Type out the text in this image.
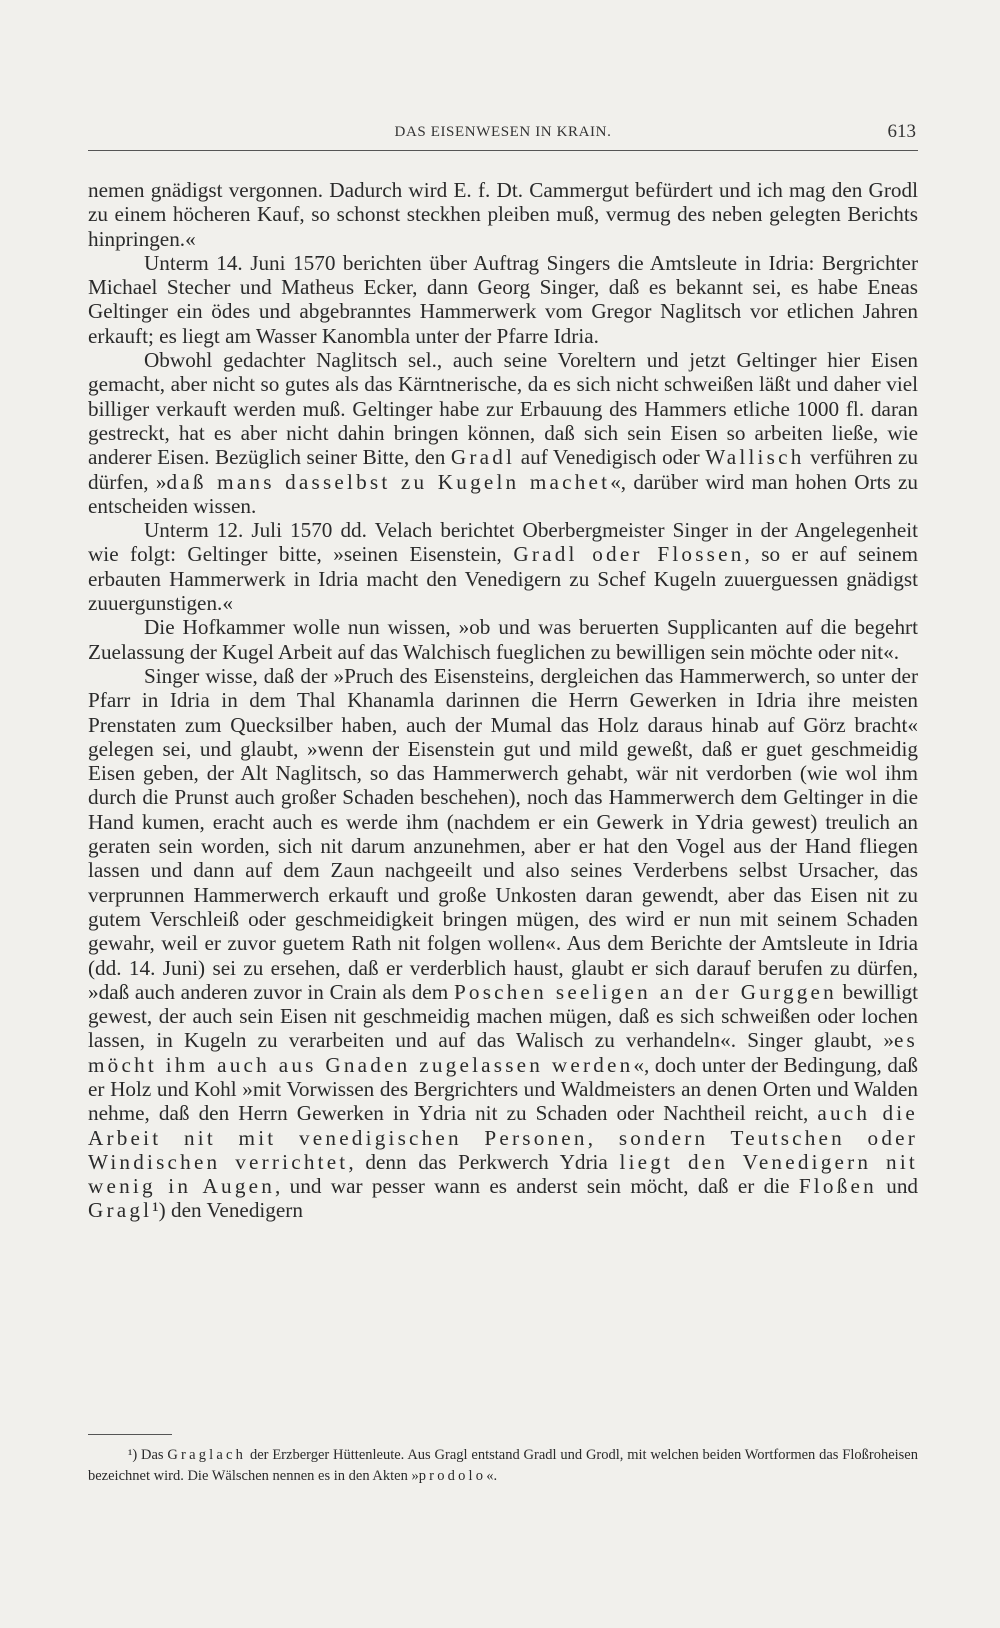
DAS EISENWESEN IN KRAIN.	613

nemen gnädigst vergonnen. Dadurch wird E. f. Dt. Cammergut befürdert und ich mag den Grodl zu einem höcheren Kauf, so schonst steckhen pleiben muß, vermug des neben gelegten Berichts hinpringen.«

Unterm 14. Juni 1570 berichten über Auftrag Singers die Amtsleute in Idria: Bergrichter Michael Stecher und Matheus Ecker, dann Georg Singer, daß es bekannt sei, es habe Eneas Geltinger ein ödes und abgebranntes Hammerwerk vom Gregor Naglitsch vor etlichen Jahren erkauft; es liegt am Wasser Kanombla unter der Pfarre Idria.

Obwohl gedachter Naglitsch sel., auch seine Voreltern und jetzt Geltinger hier Eisen gemacht, aber nicht so gutes als das Kärntnerische, da es sich nicht schweißen läßt und daher viel billiger verkauft werden muß. Geltinger habe zur Erbauung des Hammers etliche 1000 fl. daran gestreckt, hat es aber nicht dahin bringen können, daß sich sein Eisen so arbeiten ließe, wie anderer Eisen. Bezüglich seiner Bitte, den Gradl auf Venedigisch oder Wallisch verführen zu dürfen, »daß mans dasselbst zu Kugeln machet«, darüber wird man hohen Orts zu entscheiden wissen.

Unterm 12. Juli 1570 dd. Velach berichtet Oberbergmeister Singer in der Angelegenheit wie folgt: Geltinger bitte, »seinen Eisenstein, Gradl oder Flossen, so er auf seinem erbauten Hammerwerk in Idria macht den Venedigern zu Schef Kugeln zuuerguessen gnädigst zuuergunstigen.«

Die Hofkammer wolle nun wissen, »ob und was beruerten Supplicanten auf die begehrt Zuelassung der Kugel Arbeit auf das Walchisch fueglichen zu bewilligen sein möchte oder nit«.

Singer wisse, daß der »Pruch des Eisensteins, dergleichen das Hammerwerch, so unter der Pfarr in Idria in dem Thal Khanamla darinnen die Herrn Gewerken in Idria ihre meisten Prenstaten zum Quecksilber haben, auch der Mumal das Holz daraus hinab auf Görz bracht« gelegen sei, und glaubt, »wenn der Eisenstein gut und mild geweßt, daß er guet geschmeidig Eisen geben, der Alt Naglitsch, so das Hammerwerch gehabt, wär nit verdorben (wie wol ihm durch die Prunst auch großer Schaden beschehen), noch das Hammerwerch dem Geltinger in die Hand kumen, eracht auch es werde ihm (nachdem er ein Gewerk in Ydria gewest) treulich an geraten sein worden, sich nit darum anzunehmen, aber er hat den Vogel aus der Hand fliegen lassen und dann auf dem Zaun nachgeeilt und also seines Verderbens selbst Ursacher, das verprunnen Hammerwerch erkauft und große Unkosten daran gewendt, aber das Eisen nit zu gutem Verschleiß oder geschmeidigkeit bringen mügen, des wird er nun mit seinem Schaden gewahr, weil er zuvor guetem Rath nit folgen wollen«. Aus dem Berichte der Amtsleute in Idria (dd. 14. Juni) sei zu ersehen, daß er verderblich haust, glaubt er sich darauf berufen zu dürfen, »daß auch anderen zuvor in Crain als dem Poschen seeligen an der Gurggen bewilligt gewest, der auch sein Eisen nit geschmeidig machen mügen, daß es sich schweißen oder lochen lassen, in Kugeln zu verarbeiten und auf das Walisch zu verhandeln«. Singer glaubt, »es möcht ihm auch aus Gnaden zugelassen werden«, doch unter der Bedingung, daß er Holz und Kohl »mit Vorwissen des Bergrichters und Waldmeisters an denen Orten und Walden nehme, daß den Herrn Gewerken in Ydria nit zu Schaden oder Nachtheil reicht, auch die Arbeit nit mit venedigischen Personen, sondern Teutschen oder Windischen verrichtet, denn das Perkwerch Ydria liegt den Venedigern nit wenig in Augen, und war pesser wann es anderst sein möcht, daß er die Floßen und Gragl¹) den Venedigern

¹) Das Graglach der Erzberger Hüttenleute. Aus Gragl entstand Gradl und Grodl, mit welchen beiden Wortformen das Floßroheisen bezeichnet wird. Die Wälschen nennen es in den Akten »prodolo«.
